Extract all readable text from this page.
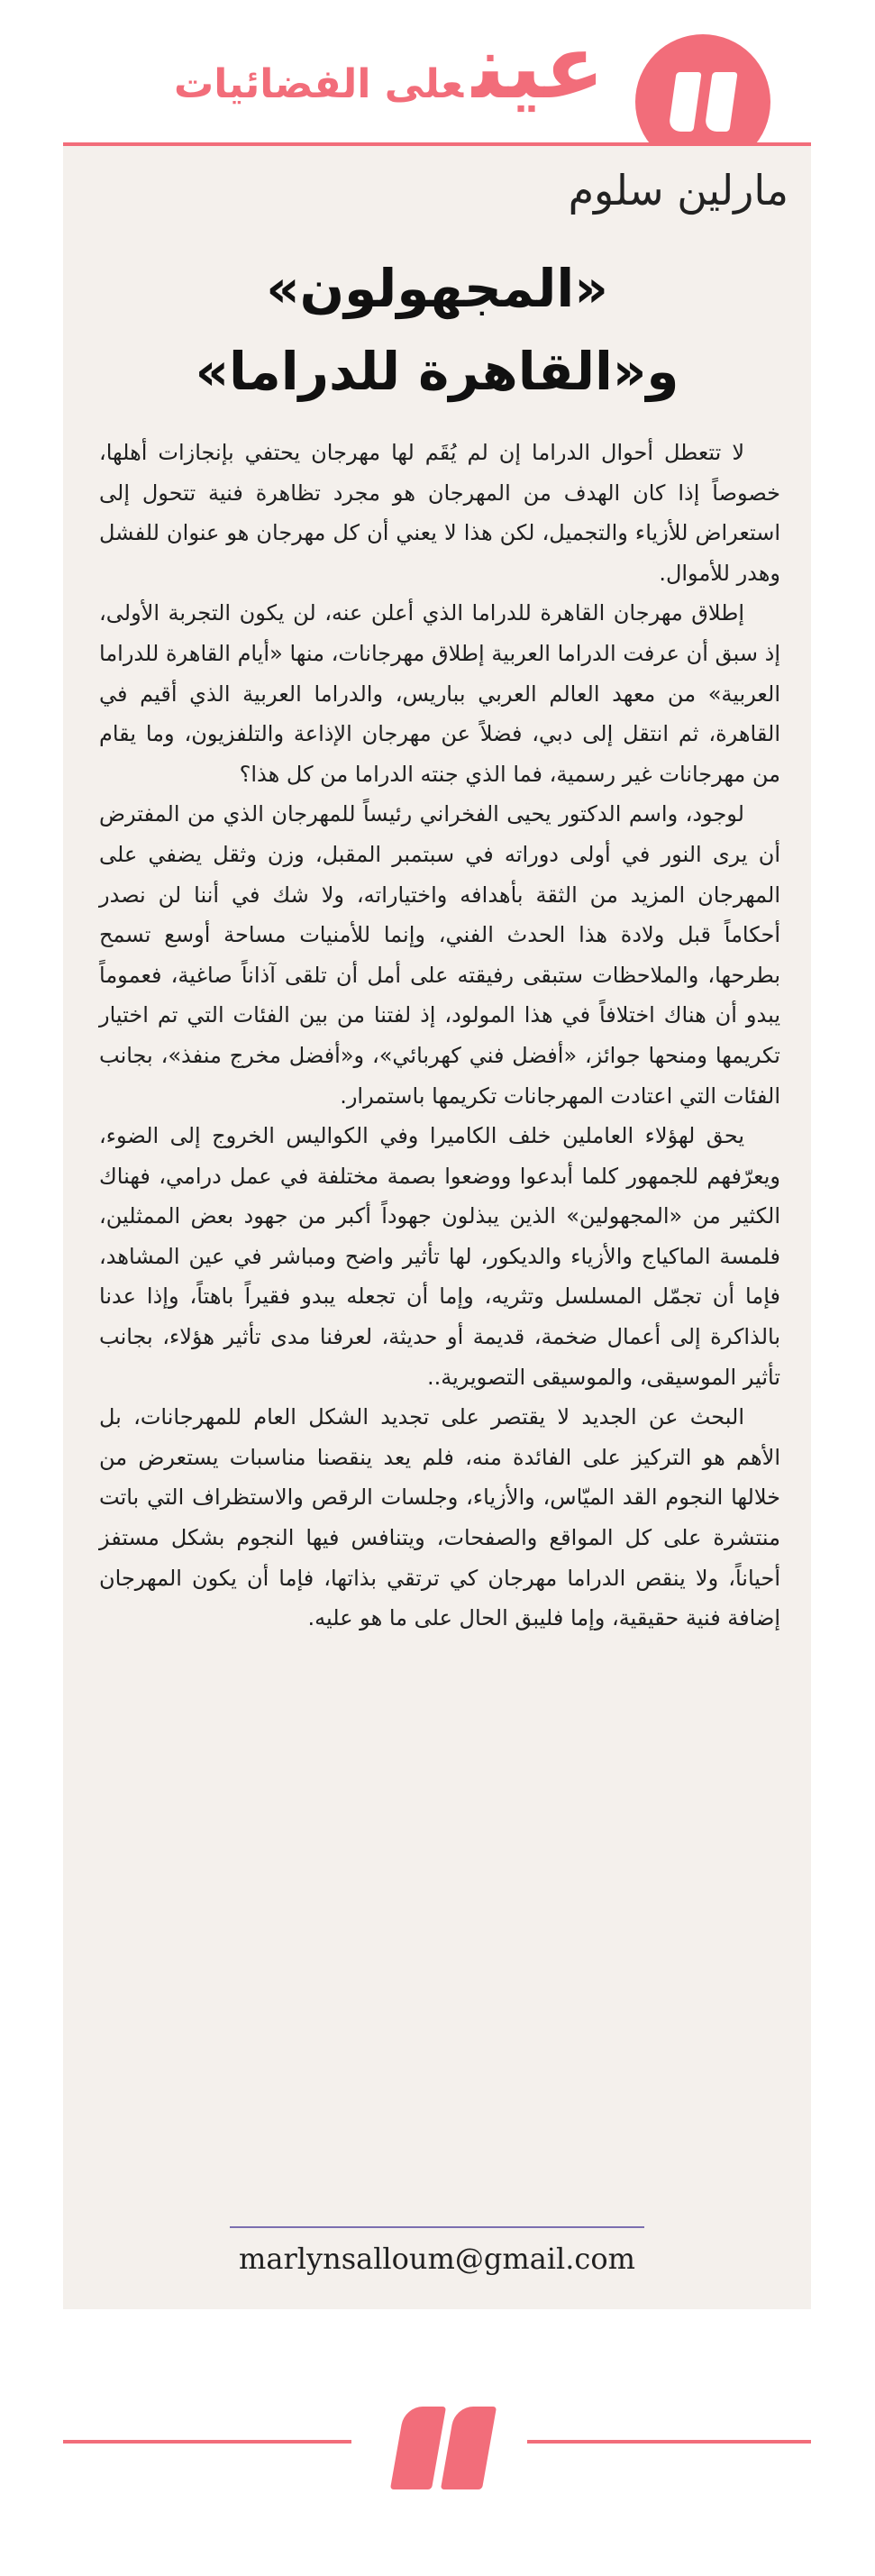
عينعلى الفضائيات
مارلين سلوم
«المجهولون»
و«القاهرة للدراما»

لا تتعطل أحوال الدراما إن لم يُقَم لها مهرجان يحتفي بإنجازات أهلها، خصوصاً إذا كان الهدف من المهرجان هو مجرد تظاهرة فنية تتحول إلى استعراض للأزياء والتجميل، لكن هذا لا يعني أن كل مهرجان هو عنوان للفشل وهدر للأموال.

إطلاق مهرجان القاهرة للدراما الذي أعلن عنه، لن يكون التجربة الأولى، إذ سبق أن عرفت الدراما العربية إطلاق مهرجانات، منها «أيام القاهرة للدراما العربية» من معهد العالم العربي بباريس، والدراما العربية الذي أقيم في القاهرة، ثم انتقل إلى دبي، فضلاً عن مهرجان الإذاعة والتلفزيون، وما يقام من مهرجانات غير رسمية، فما الذي جنته الدراما من كل هذا؟

لوجود، واسم الدكتور يحيى الفخراني رئيساً للمهرجان الذي من المفترض أن يرى النور في أولى دوراته في سبتمبر المقبل، وزن وثقل يضفي على المهرجان المزيد من الثقة بأهدافه واختياراته، ولا شك في أننا لن نصدر أحكاماً قبل ولادة هذا الحدث الفني، وإنما للأمنيات مساحة أوسع تسمح بطرحها، والملاحظات ستبقى رفيقته على أمل أن تلقى آذاناً صاغية، فعموماً يبدو أن هناك اختلافاً في هذا المولود، إذ لفتنا من بين الفئات التي تم اختيار تكريمها ومنحها جوائز، «أفضل فني كهربائي»، و«أفضل مخرج منفذ»، بجانب الفئات التي اعتادت المهرجانات تكريمها باستمرار.

يحق لهؤلاء العاملين خلف الكاميرا وفي الكواليس الخروج إلى الضوء، ويعرّفهم للجمهور كلما أبدعوا ووضعوا بصمة مختلفة في عمل درامي، فهناك الكثير من «المجهولين» الذين يبذلون جهوداً أكبر من جهود بعض الممثلين، فلمسة الماكياج والأزياء والديكور، لها تأثير واضح ومباشر في عين المشاهد، فإما أن تجمّل المسلسل وتثريه، وإما أن تجعله يبدو فقيراً باهتاً، وإذا عدنا بالذاكرة إلى أعمال ضخمة، قديمة أو حديثة، لعرفنا مدى تأثير هؤلاء، بجانب تأثير الموسيقى، والموسيقى التصويرية..

البحث عن الجديد لا يقتصر على تجديد الشكل العام للمهرجانات، بل الأهم هو التركيز على الفائدة منه، فلم يعد ينقصنا مناسبات يستعرض من خلالها النجوم القد الميّاس، والأزياء، وجلسات الرقص والاستظراف التي باتت منتشرة على كل المواقع والصفحات، ويتنافس فيها النجوم بشكل مستفز أحياناً، ولا ينقص الدراما مهرجان كي ترتقي بذاتها، فإما أن يكون المهرجان إضافة فنية حقيقية، وإما فليبق الحال على ما هو عليه.

marlynsalloum@gmail.com
